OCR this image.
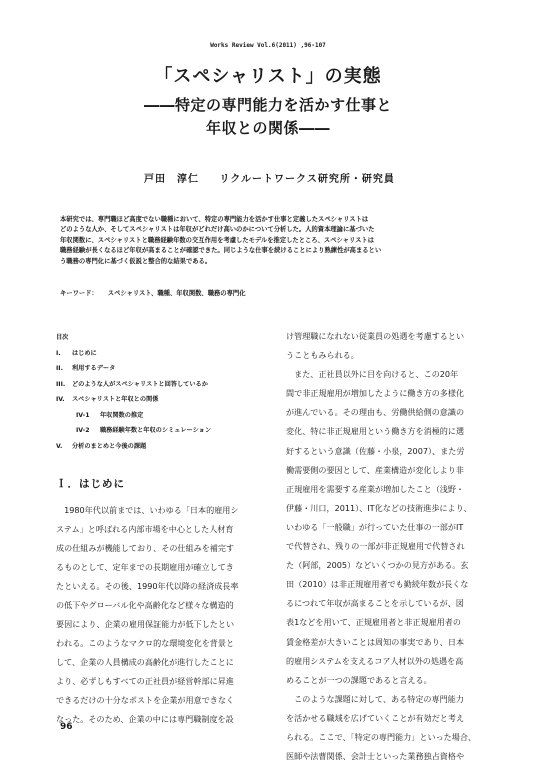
Works Review Vol.6(2011) ,96-107
「スペシャリスト」の実態
――特定の専門能力を活かす仕事と
年収との関係――
戸田　淳仁 リクルートワークス研究所・研究員
本研究では、専門職ほど高度でない職種において、特定の専門能力を活かす仕事と定義したスペシャリストは
どのような人か、そしてスペシャリストは年収がどれだけ高いのかについて分析した。人的資本理論に基づいた
年収関数に、スペシャリストと職務経験年数の交互作用を考慮したモデルを推定したところ、スペシャリストは
職務経験が長くなるほど年収が高まることが確認できた。同じような仕事を続けることにより熟練性が高まるとい
う職務の専門化に基づく仮説と整合的な結果である。
キーワード： スペシャリスト、職種、年収関数、職務の専門化
目次
I. はじめに
II. 利用するデータ
III. どのような人がスペシャリストと回答しているか
IV. スペシャリストと年収との関係
IV-1 年収関数の推定
IV-2 職務経験年数と年収のシミュレーション
V. 分析のまとめと今後の課題
Ｉ．はじめに
　1980年代以前までは、いわゆる「日本的雇用シ
ステム」と呼ばれる内部市場を中心とした人材育
成の仕組みが機能しており、その仕組みを補完す
るものとして、定年までの長期雇用が確立してき
たといえる。その後、1990年代以降の経済成長率
の低下やグローバル化や高齢化など様々な構造的
要因により、企業の雇用保証能力が低下したとい
われる。このようなマクロ的な環境変化を背景と
して、企業の人員構成の高齢化が進行したことに
より、必ずしもすべての正社員が経営幹部に昇進
できるだけの十分なポストを企業が用意できなく
なった。そのため、企業の中には専門職制度を設
け管理職になれない従業員の処遇を考慮するとい
うこともみられる。
　また、正社員以外に目を向けると、この20年
間で非正規雇用が増加したように働き方の多様化
が進んでいる。その理由も、労働供給側の意識の
変化、特に非正規雇用という働き方を消極的に選
好するという意識（佐藤・小泉，2007）、また労
働需要側の要因として、産業構造が変化しより非
正規雇用を需要する産業が増加したこと（浅野・
伊藤・川口，2011）、IT化などの技術進歩により、
いわゆる「一般職」が行っていた仕事の一部がIT
で代替され、残りの一部が非正規雇用で代替され
た（阿部，2005）などいくつかの見方がある。玄
田（2010）は非正規雇用者でも勤続年数が長くな
るにつれて年収が高まることを示しているが、図
表1などを用いて、正規雇用者と非正規雇用者の
賃金格差が大きいことは周知の事実であり、日本
的雇用システムを支えるコア人材以外の処遇を高
めることが一つの課題であると言える。
　このような課題に対して、ある特定の専門能力
を活かせる職域を広げていくことが有効だと考え
られる。ここで、「特定の専門能力」といった場合、
医師や法曹関係、会計士といった業務独占資格や
96
